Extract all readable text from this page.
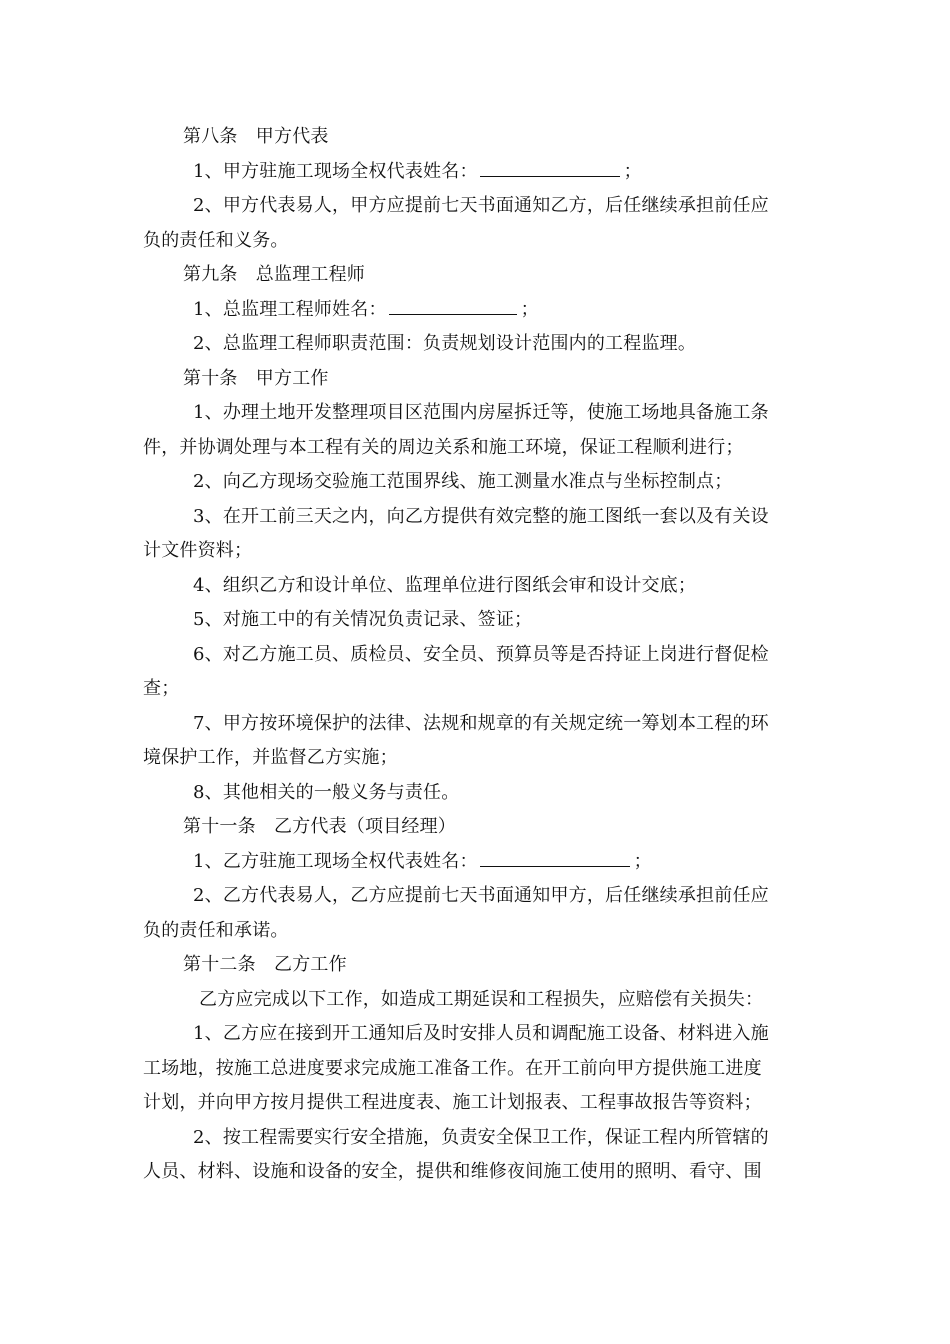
第八条　甲方代表
1、甲方驻施工现场全权代表姓名：	；
2、甲方代表易人，甲方应提前七天书面通知乙方，后任继续承担前任应
负的责任和义务。
第九条　总监理工程师
1、总监理工程师姓名：	；
2、总监理工程师职责范围：负责规划设计范围内的工程监理。
第十条　甲方工作
1、办理土地开发整理项目区范围内房屋拆迁等，使施工场地具备施工条
件，并协调处理与本工程有关的周边关系和施工环境，保证工程顺利进行；
2、向乙方现场交验施工范围界线、施工测量水准点与坐标控制点；
3、在开工前三天之内，向乙方提供有效完整的施工图纸一套以及有关设
计文件资料；
4、组织乙方和设计单位、监理单位进行图纸会审和设计交底；
5、对施工中的有关情况负责记录、签证；
6、对乙方施工员、质检员、安全员、预算员等是否持证上岗进行督促检
查；
7、甲方按环境保护的法律、法规和规章的有关规定统一筹划本工程的环
境保护工作，并监督乙方实施；
8、其他相关的一般义务与责任。
第十一条　乙方代表（项目经理）
1、乙方驻施工现场全权代表姓名：	；
2、乙方代表易人，乙方应提前七天书面通知甲方，后任继续承担前任应
负的责任和承诺。
第十二条　乙方工作
乙方应完成以下工作，如造成工期延误和工程损失，应赔偿有关损失：
1、乙方应在接到开工通知后及时安排人员和调配施工设备、材料进入施
工场地，按施工总进度要求完成施工准备工作。在开工前向甲方提供施工进度
计划，并向甲方按月提供工程进度表、施工计划报表、工程事故报告等资料；
2、按工程需要实行安全措施，负责安全保卫工作，保证工程内所管辖的
人员、材料、设施和设备的安全，提供和维修夜间施工使用的照明、看守、围
